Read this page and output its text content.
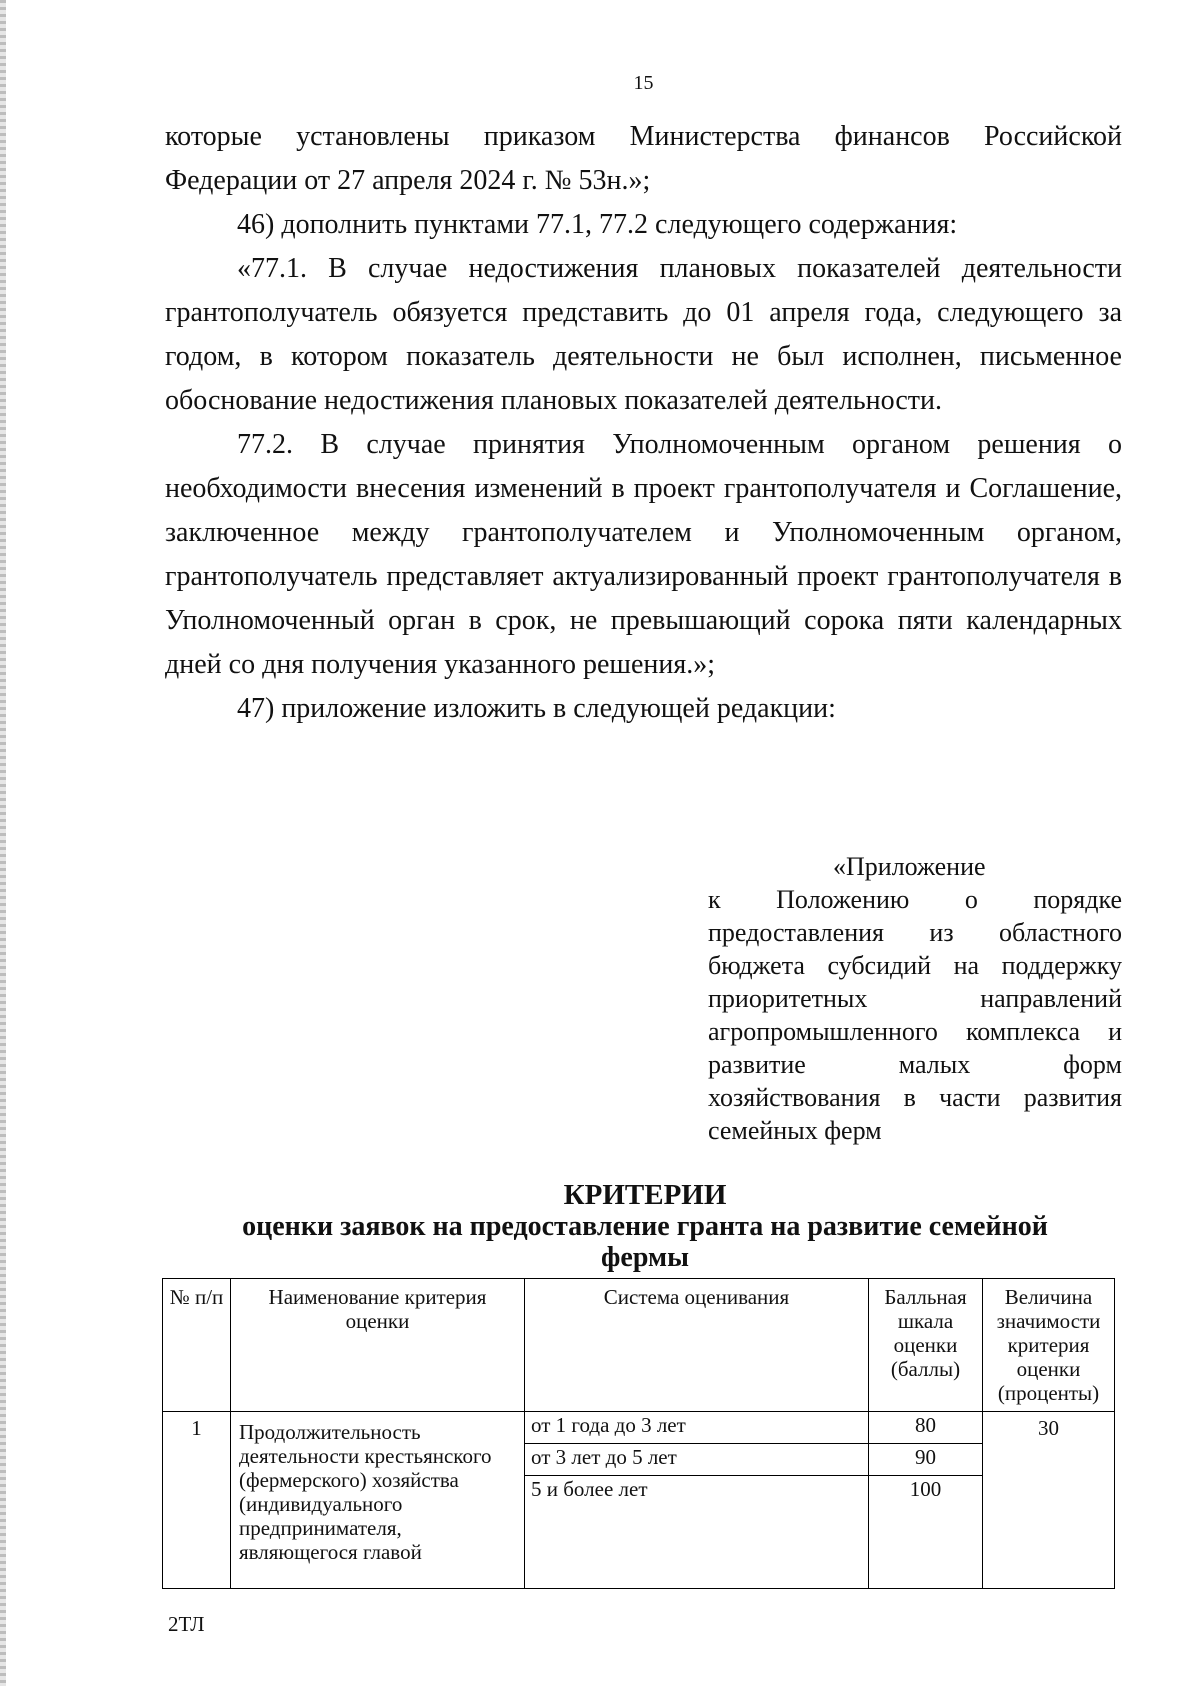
15

которые установлены приказом Министерства финансов Российской Федерации от 27 апреля 2024 г. № 53н.»;

46) дополнить пунктами 77.1, 77.2 следующего содержания:

«77.1. В случае недостижения плановых показателей деятельности грантополучатель обязуется представить до 01 апреля года, следующего за годом, в котором показатель деятельности не был исполнен, письменное обоснование недостижения плановых показателей деятельности.

77.2. В случае принятия Уполномоченным органом решения о необходимости внесения изменений в проект грантополучателя и Соглашение, заключенное между грантополучателем и Уполномоченным органом, грантополучатель представляет актуализированный проект грантополучателя в Уполномоченный орган в срок, не превышающий сорока пяти календарных дней со дня получения указанного решения.»;

47) приложение изложить в следующей редакции:

«Приложение
к Положению о порядке предоставления из областного бюджета субсидий на поддержку приоритетных направлений агропромышленного комплекса и развитие малых форм хозяйствования в части развития семейных ферм
КРИТЕРИИ
оценки заявок на предоставление гранта на развитие семейной фермы
№ п/п	Наименование критерия оценки	Система оценивания	Балльная шкала оценки (баллы)	Величина значимости критерия оценки (проценты)
1	Продолжительность деятельности крестьянского (фермерского) хозяйства (индивидуального предпринимателя, являющегося главой	от 1 года до 3 лет	80	30
		от 3 лет до 5 лет	90	
		5 и более лет	100	
2ТЛ
